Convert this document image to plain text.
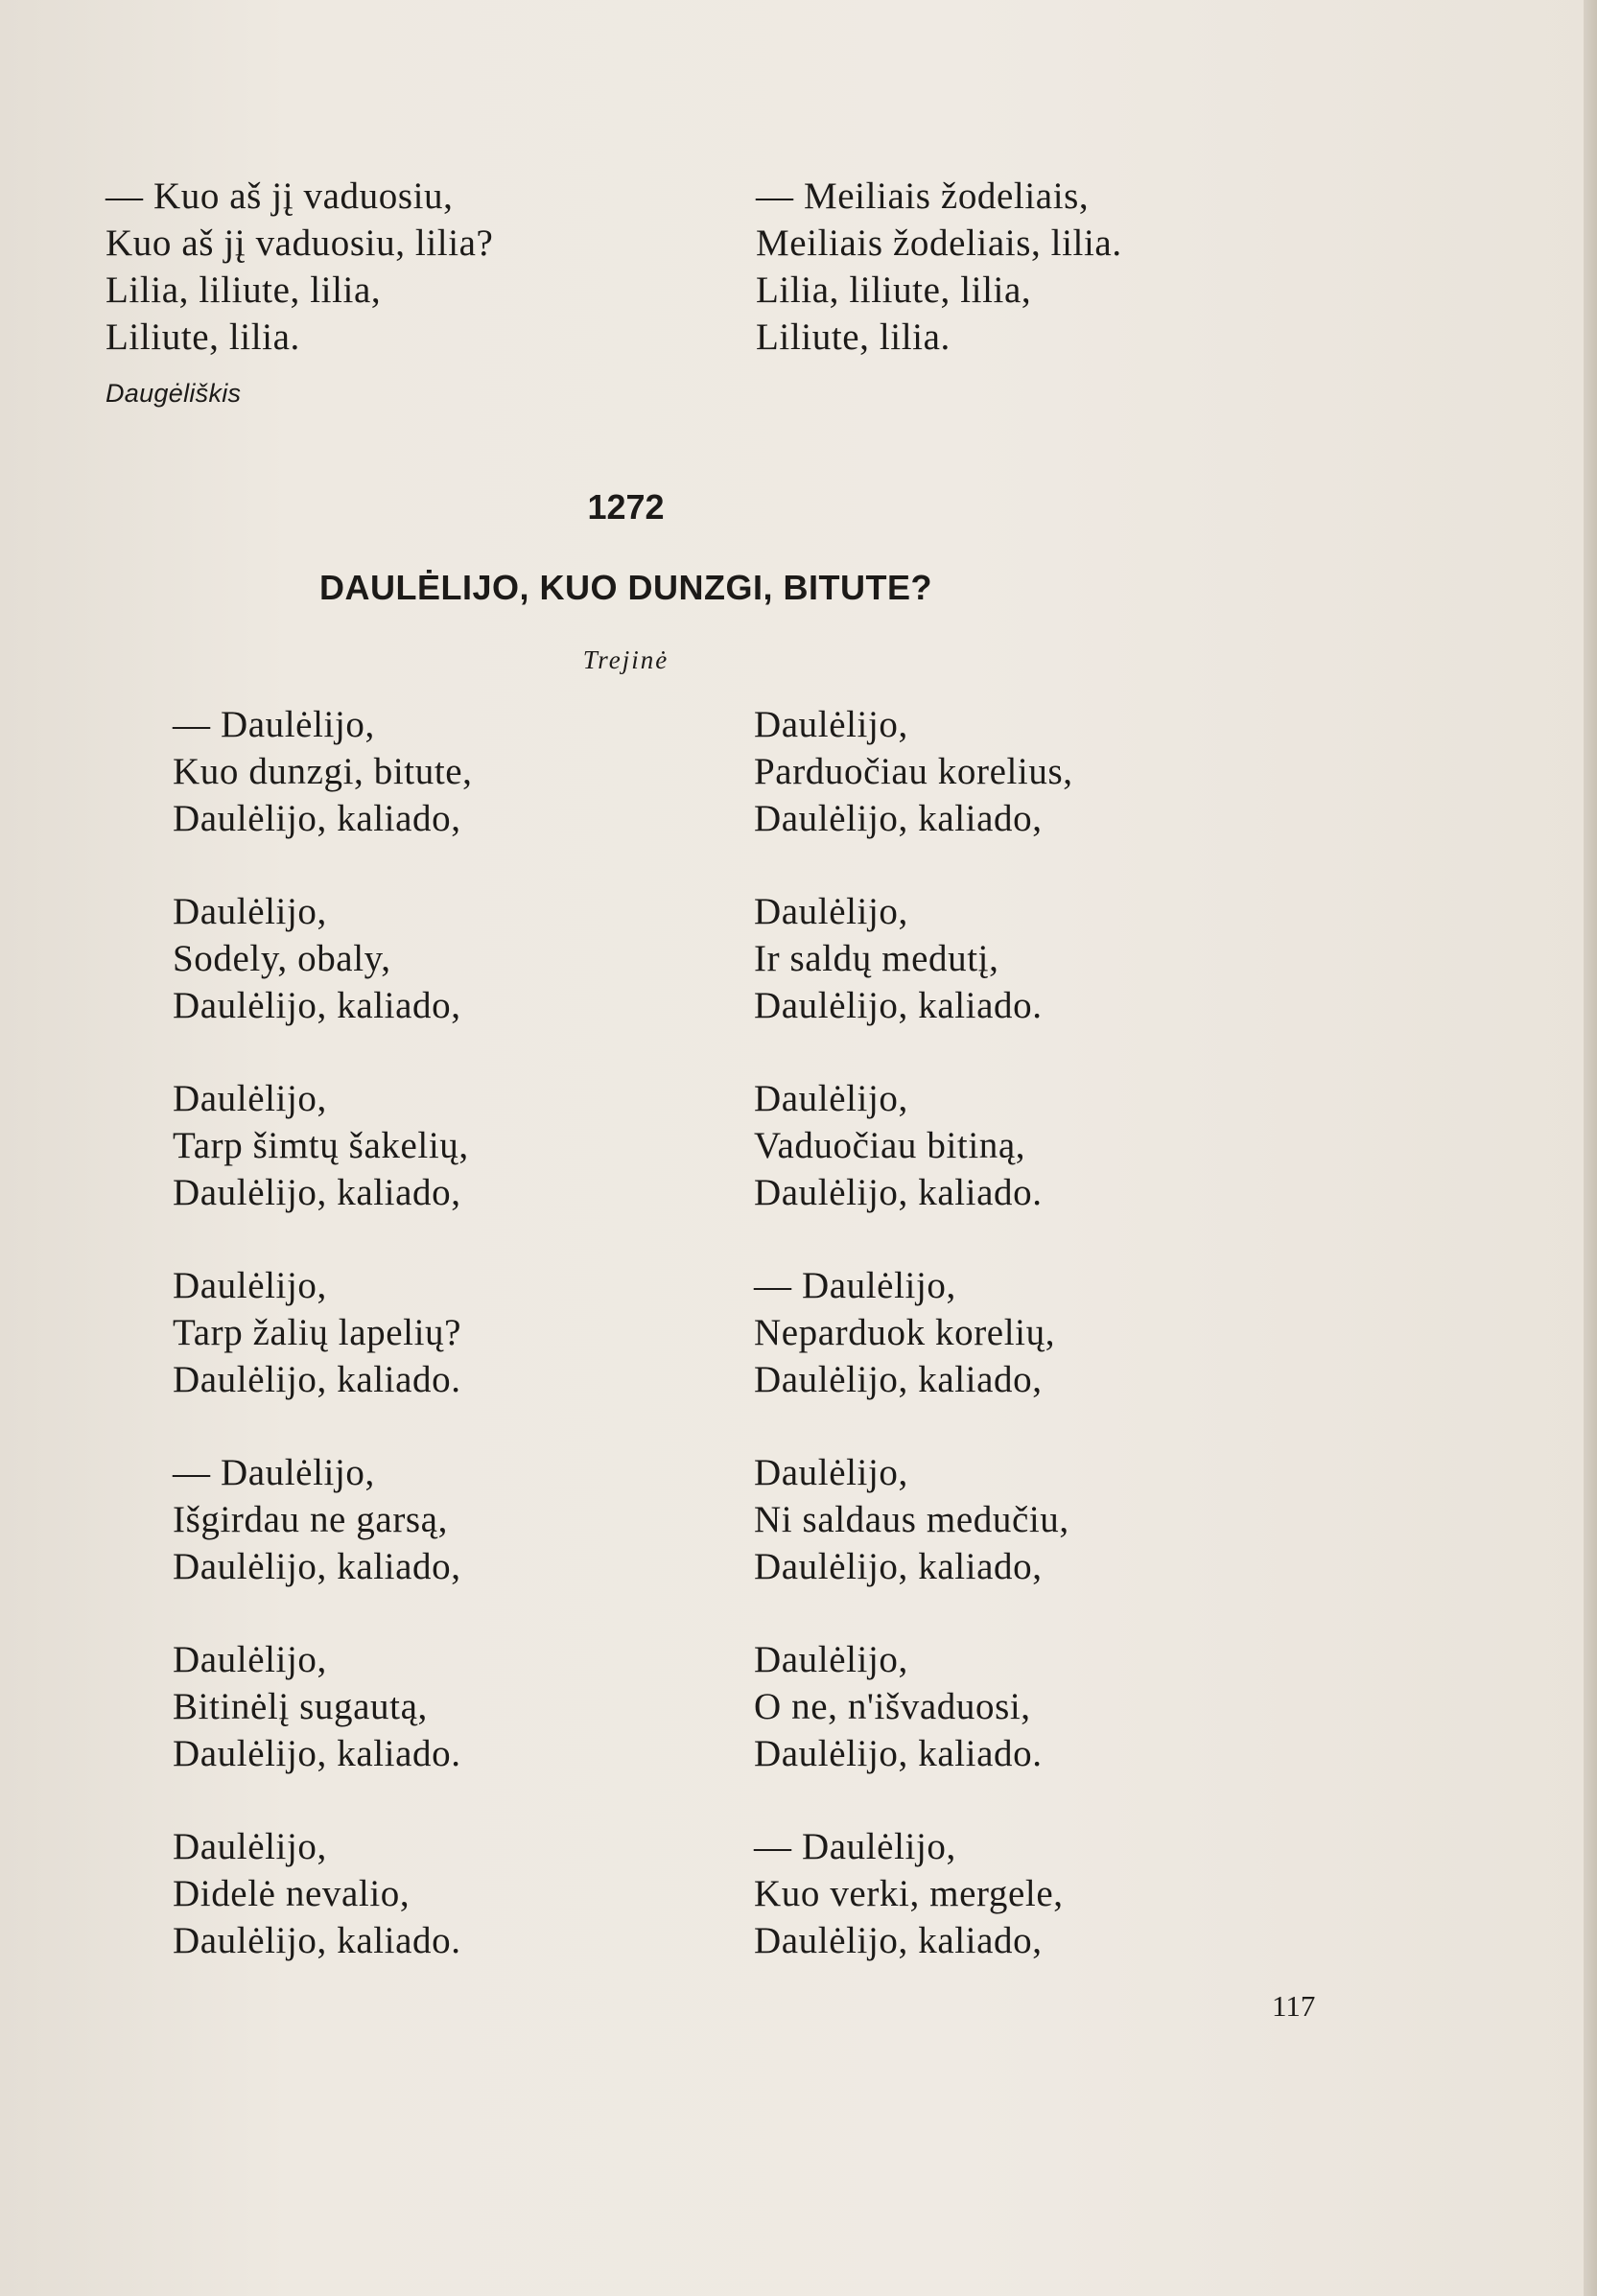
— Kuo aš jį vaduosiu,
Kuo aš jį vaduosiu, lilia?
Lilia, liliute, lilia,
Liliute, lilia.
— Meiliais žodeliais,
Meiliais žodeliais, lilia.
Lilia, liliute, lilia,
Liliute, lilia.
Daugėliškis
1272
DAULĖLIJO, KUO DUNZGI, BITUTE?
Trejinė
— Daulėlijo,
Kuo dunzgi, bitute,
Daulėlijo, kaliado,
Daulėlijo,
Sodely, obaly,
Daulėlijo, kaliado,
Daulėlijo,
Tarp šimtų šakelių,
Daulėlijo, kaliado,
Daulėlijo,
Tarp žalių lapelių?
Daulėlijo, kaliado.
— Daulėlijo,
Išgirdau ne garsą,
Daulėlijo, kaliado,
Daulėlijo,
Bitinėlį sugautą,
Daulėlijo, kaliado.
Daulėlijo,
Didelė nevalio,
Daulėlijo, kaliado.
Daulėlijo,
Parduočiau korelius,
Daulėlijo, kaliado,
Daulėlijo,
Ir saldų medutį,
Daulėlijo, kaliado.
Daulėlijo,
Vaduočiau bitiną,
Daulėlijo, kaliado.
— Daulėlijo,
Neparduok korelių,
Daulėlijo, kaliado,
Daulėlijo,
Ni saldaus medučiu,
Daulėlijo, kaliado,
Daulėlijo,
O ne, n'išvaduosi,
Daulėlijo, kaliado.
— Daulėlijo,
Kuo verki, mergele,
Daulėlijo, kaliado,
117
